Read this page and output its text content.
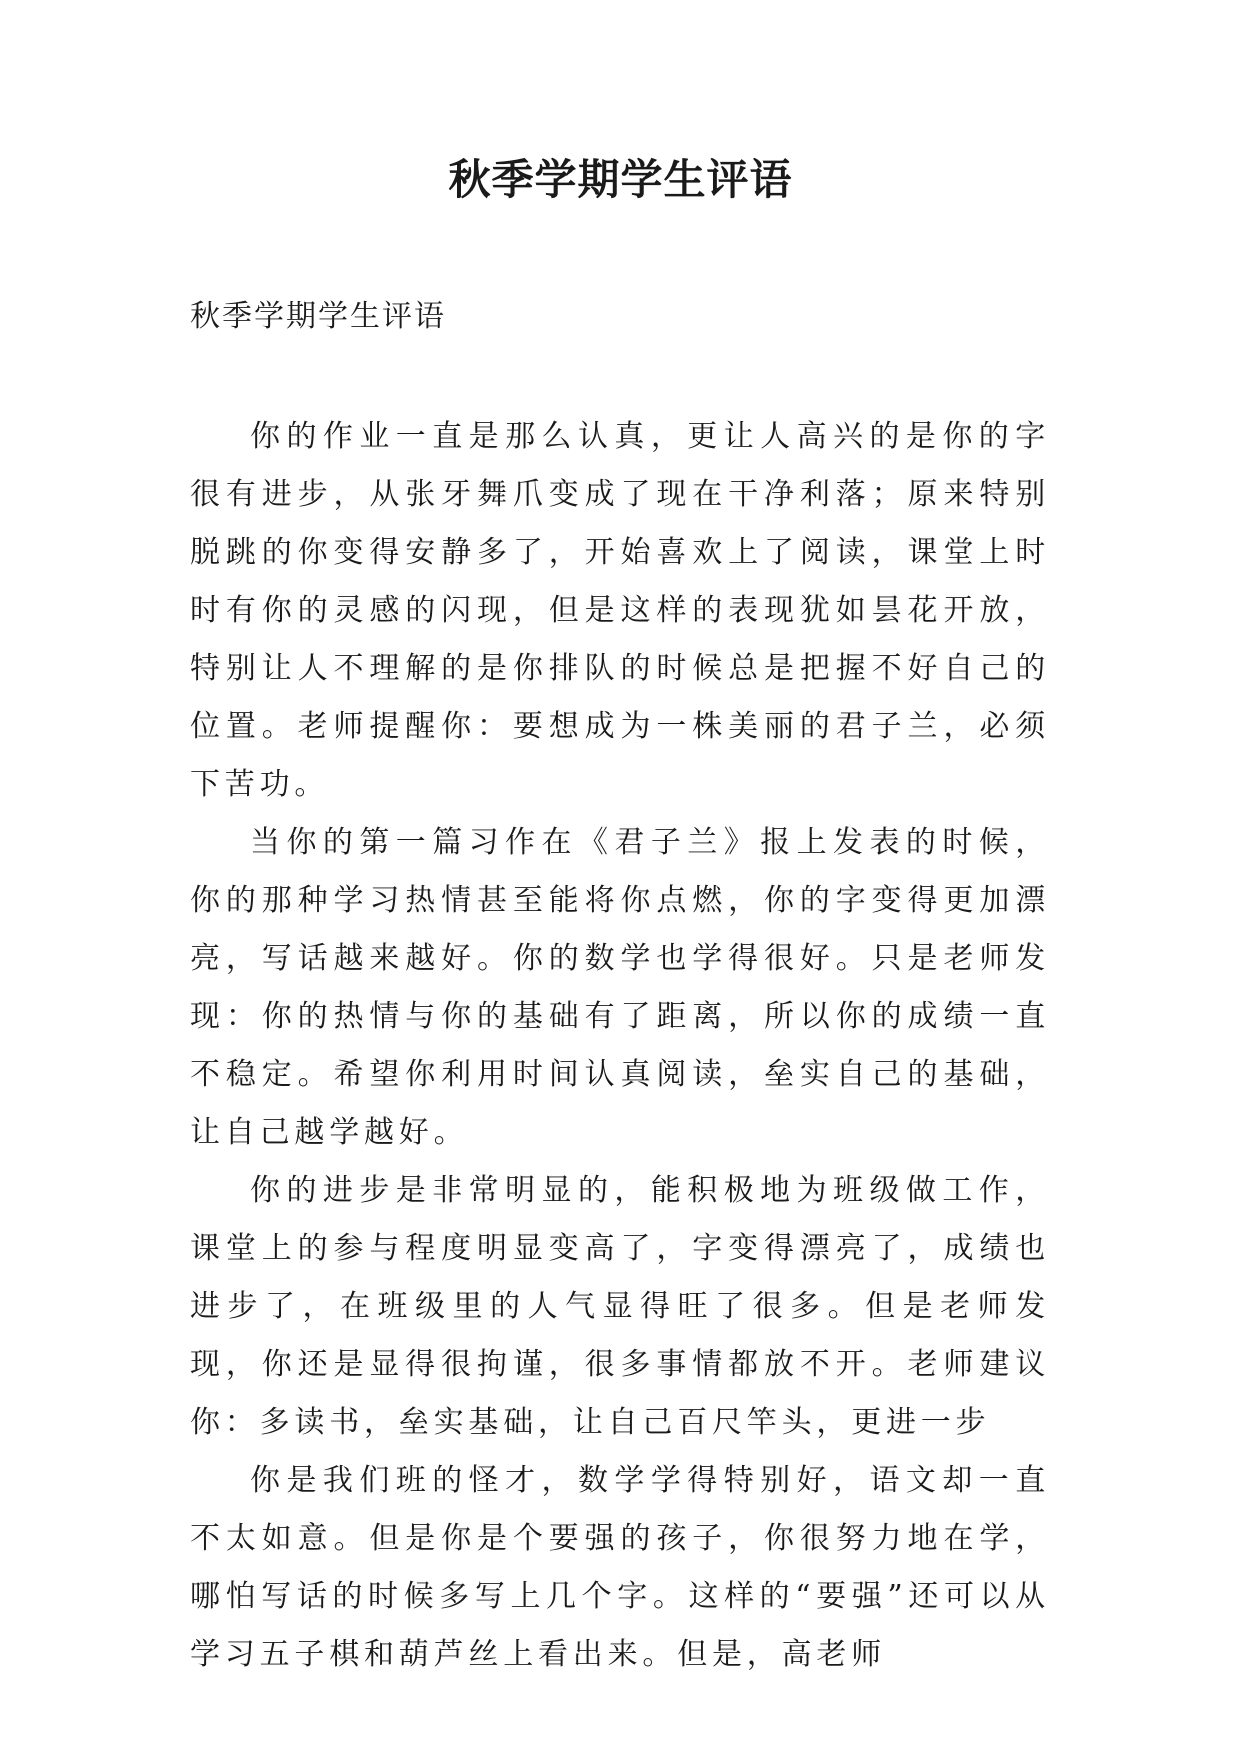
秋季学期学生评语
秋季学期学生评语

你的作业一直是那么认真，更让人高兴的是你的字很有进步，从张牙舞爪变成了现在干净利落；原来特别脱跳的你变得安静多了，开始喜欢上了阅读，课堂上时时有你的灵感的闪现，但是这样的表现犹如昙花开放，特别让人不理解的是你排队的时候总是把握不好自己的位置。老师提醒你：要想成为一株美丽的君子兰，必须下苦功。

当你的第一篇习作在《君子兰》报上发表的时候，你的那种学习热情甚至能将你点燃，你的字变得更加漂亮，写话越来越好。你的数学也学得很好。只是老师发现：你的热情与你的基础有了距离，所以你的成绩一直不稳定。希望你利用时间认真阅读，垒实自己的基础，让自己越学越好。

你的进步是非常明显的，能积极地为班级做工作，课堂上的参与程度明显变高了，字变得漂亮了，成绩也进步了，在班级里的人气显得旺了很多。但是老师发现，你还是显得很拘谨，很多事情都放不开。老师建议你：多读书，垒实基础，让自己百尺竿头，更进一步

你是我们班的怪才，数学学得特别好，语文却一直不太如意。但是你是个要强的孩子，你很努力地在学，哪怕写话的时候多写上几个字。这样的“要强”还可以从学习五子棋和葫芦丝上看出来。但是，高老师
